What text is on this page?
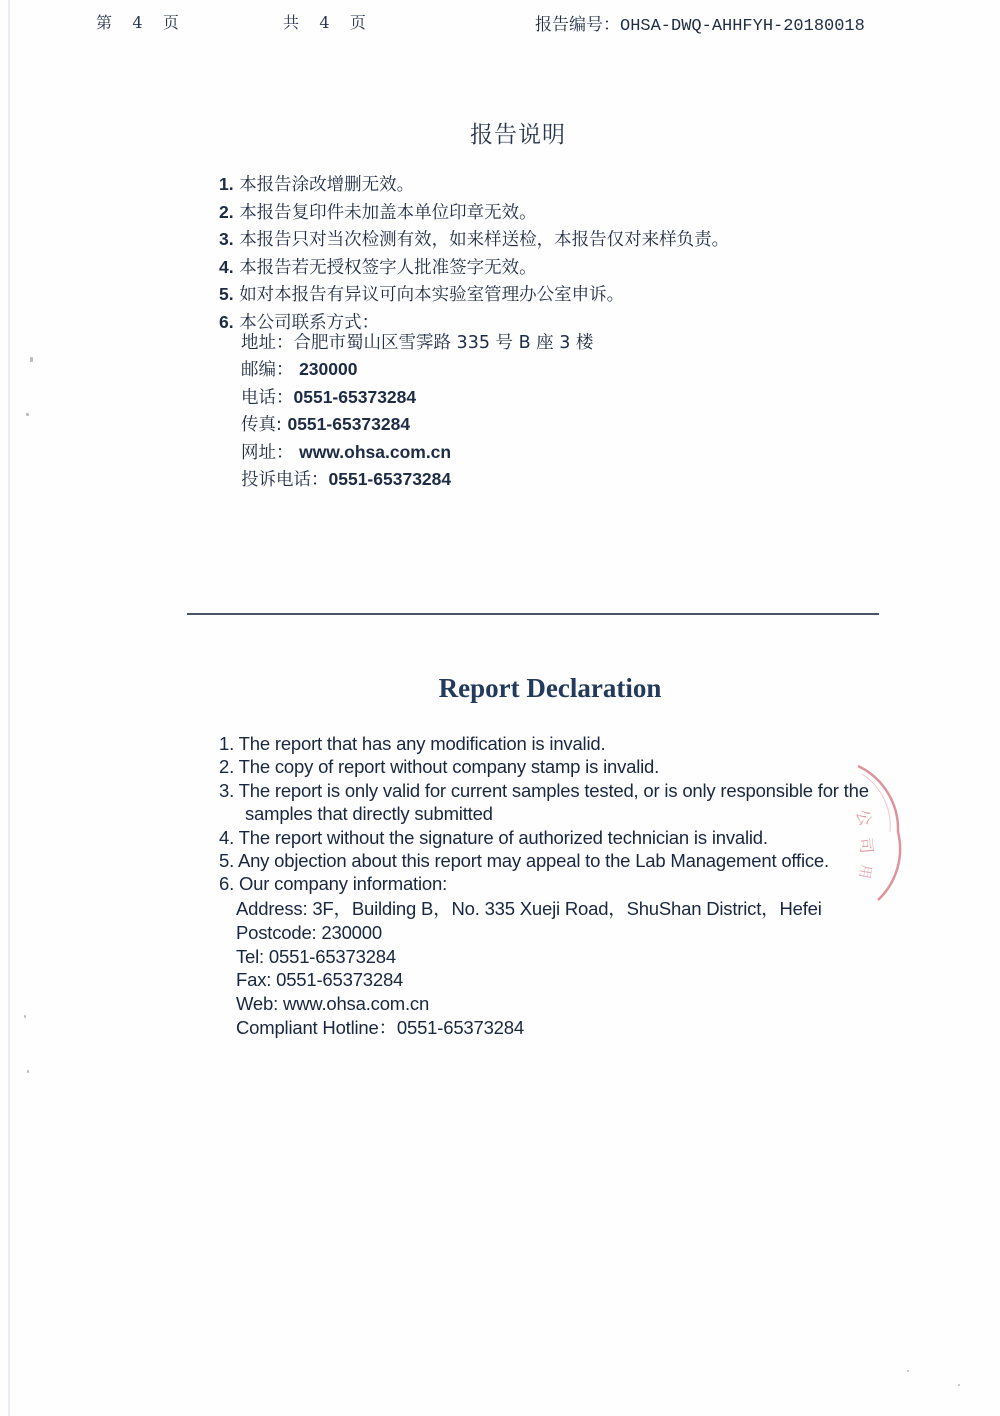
第 4 页	共 4 页	报告编号：OHSA-DWQ-AHHFYH-20180018
报告说明
1. 本报告涂改增删无效。
2. 本报告复印件未加盖本单位印章无效。
3. 本报告只对当次检测有效，如来样送检，本报告仅对来样负责。
4. 本报告若无授权签字人批准签字无效。
5. 如对本报告有异议可向本实验室管理办公室申诉。
6. 本公司联系方式：
地址：合肥市蜀山区雪霁路 335 号 B 座 3 楼
邮编： 230000
电话：0551-65373284
传真: 0551-65373284
网址： www.ohsa.com.cn
投诉电话：0551-65373284
Report Declaration
1. The report that has any modification is invalid.
2. The copy of report without company stamp is invalid.
3. The report is only valid for current samples tested, or is only responsible for the
samples that directly submitted
4. The report without the signature of authorized technician is invalid.
5. Any objection about this report may appeal to the Lab Management office.
6. Our company information:
Address: 3F，Building B，No. 335 Xueji Road，ShuShan District，Hefei
Postcode: 230000
Tel: 0551-65373284
Fax: 0551-65373284
Web: www.ohsa.com.cn
Compliant Hotline：0551-65373284
公
司
用
